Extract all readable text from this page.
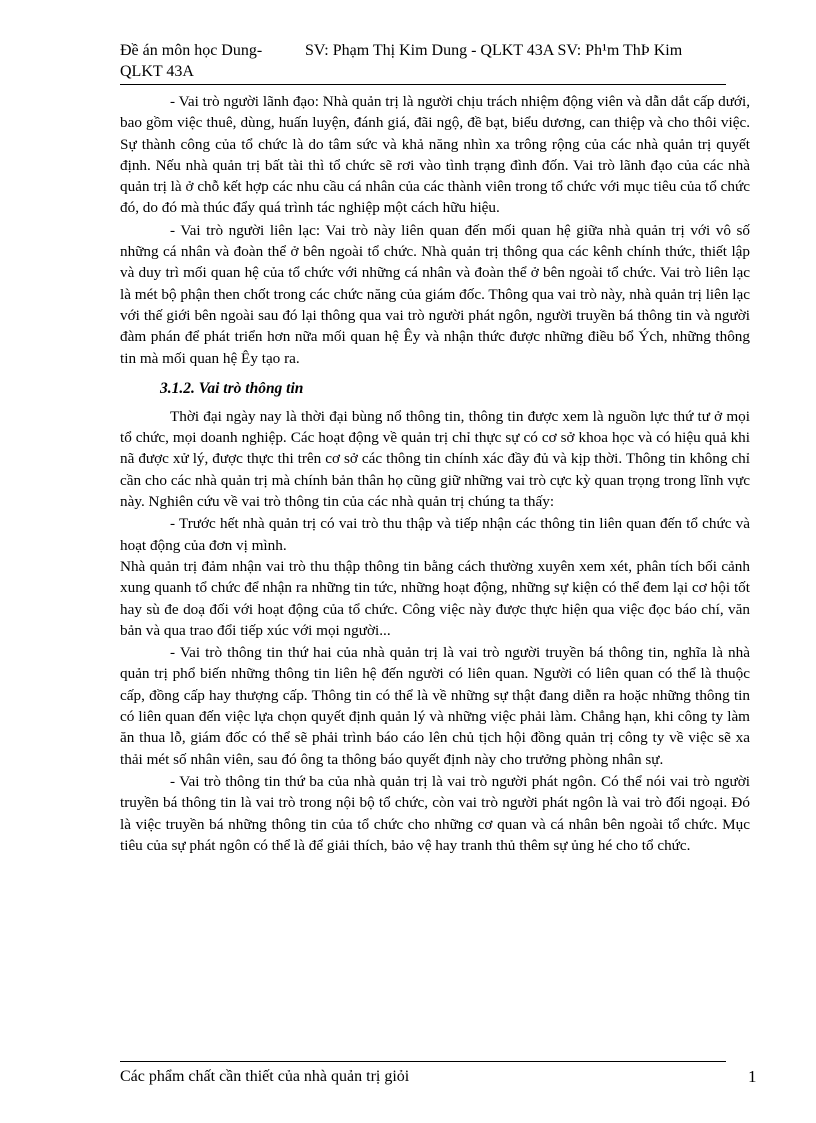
Đề án môn học Dung-QLKT 43A
SV: Phạm Thị Kim Dung - QLKT 43A SV: Ph¹m ThÞ Kim

- Vai trò người lãnh đạo: Nhà quản trị là người chịu trách nhiệm động viên và dẫn dắt cấp dưới, bao gồm việc thuê, dùng, huấn luyện, đánh giá, đãi ngộ, đề bạt, biểu dương, can thiệp và cho thôi việc. Sự thành công của tổ chức là do tâm sức và khả năng nhìn xa trông rộng của các nhà quản trị quyết định. Nếu nhà quản trị bất tài thì tổ chức sẽ rơi vào tình trạng đình đốn. Vai trò lãnh đạo của các nhà quản trị là ở chỗ kết hợp các nhu cầu cá nhân của các thành viên trong tổ chức với mục tiêu của tổ chức đó, do đó mà thúc đẩy quá trình tác nghiệp một cách hữu hiệu.

- Vai trò người liên lạc: Vai trò này liên quan đến mối quan hệ giữa nhà quản trị với vô số những cá nhân và đoàn thể ở bên ngoài tổ chức. Nhà quản trị thông qua các kênh chính thức, thiết lập và duy trì mối quan hệ của tổ chức với những cá nhân và đoàn thể ở bên ngoài tổ chức. Vai trò liên lạc là mét bộ phận then chốt trong các chức năng của giám đốc. Thông qua vai trò này, nhà quản trị liên lạc với thế giới bên ngoài sau đó lại thông qua vai trò người phát ngôn, người truyền bá thông tin và người đàm phán để phát triển hơn nữa mối quan hệ Êy và nhận thức được những điều bổ Ých, những thông tin mà mối quan hệ Êy tạo ra.

3.1.2. Vai trò thông tin

Thời đại ngày nay là thời đại bùng nổ thông tin, thông tin được xem là nguồn lực thứ tư ở mọi tổ chức, mọi doanh nghiệp. Các hoạt động về quản trị chỉ thực sự có cơ sở khoa học và có hiệu quả khi nã được xử lý, được thực thi trên cơ sở các thông tin chính xác đầy đủ và kịp thời. Thông tin không chỉ cần cho các nhà quản trị mà chính bản thân họ cũng giữ những vai trò cực kỳ quan trọng trong lĩnh vực này. Nghiên cứu về vai trò thông tin của các nhà quản trị chúng ta thấy:

- Trước hết nhà quản trị có vai trò thu thập và tiếp nhận các thông tin liên quan đến tổ chức và hoạt động của đơn vị mình.

Nhà quản trị đảm nhận vai trò thu thập thông tin bằng cách thường xuyên xem xét, phân tích bối cảnh xung quanh tổ chức để nhận ra những tin tức, những hoạt động, những sự kiện có thể đem lại cơ hội tốt hay sù đe doạ đối với hoạt động của tổ chức. Công việc này được thực hiện qua việc đọc báo chí, văn bản và qua trao đổi tiếp xúc với mọi người...

- Vai trò thông tin thứ hai của nhà quản trị là vai trò người truyền bá thông tin, nghĩa là nhà quản trị phổ biến những thông tin liên hệ đến người có liên quan. Người có liên quan có thể là thuộc cấp, đồng cấp hay thượng cấp. Thông tin có thể là về những sự thật đang diễn ra hoặc những thông tin có liên quan đến việc lựa chọn quyết định quản lý và những việc phải làm. Chẳng hạn, khi công ty làm ăn thua lỗ, giám đốc có thể sẽ phải trình báo cáo lên chủ tịch hội đồng quản trị công ty về việc sẽ xa thải mét số nhân viên, sau đó ông ta thông báo quyết định này cho trưởng phòng nhân sự.

- Vai trò thông tin thứ ba của nhà quản trị là vai trò người phát ngôn. Có thể nói vai trò người truyền bá thông tin là vai trò trong nội bộ tổ chức, còn vai trò người phát ngôn là vai trò đối ngoại. Đó là việc truyền bá những thông tin của tổ chức cho những cơ quan và cá nhân bên ngoài tổ chức. Mục tiêu của sự phát ngôn có thể là để giải thích, bảo vệ hay tranh thủ thêm sự ủng hé cho tổ chức.

Các phẩm chất cần thiết của nhà quản trị giỏi	1
